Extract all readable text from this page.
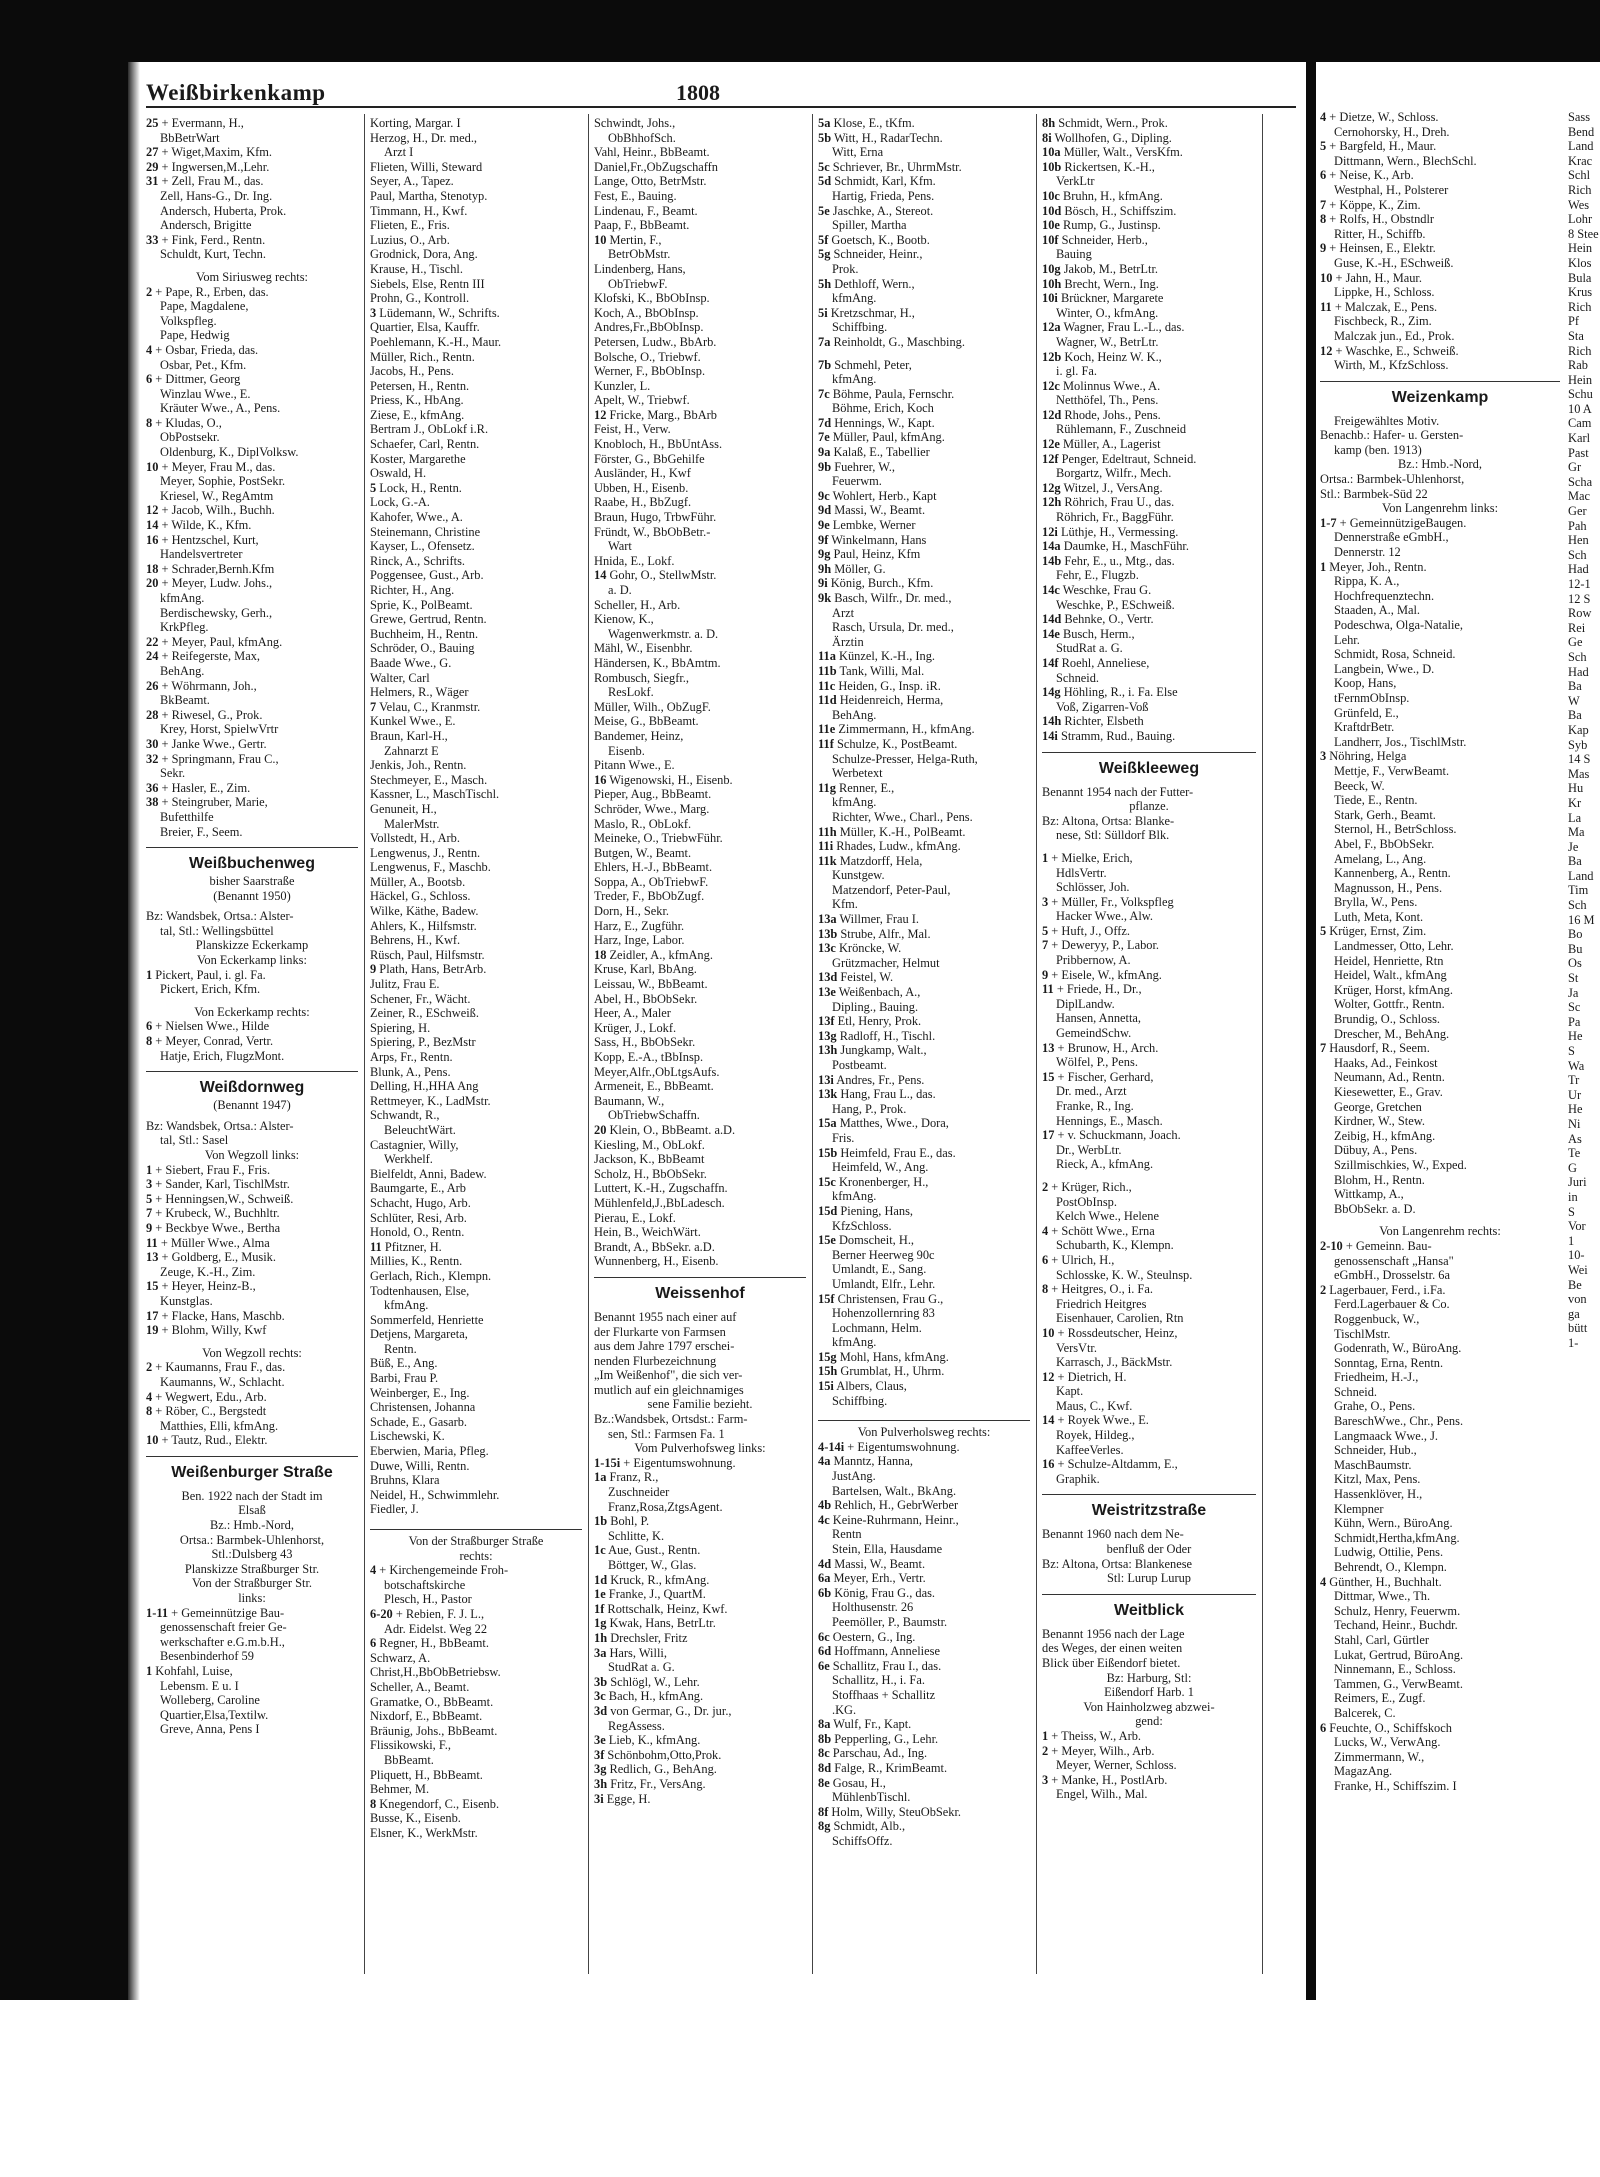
Weißbirkenkamp	1808
25 + Evermann, H.,
BbBetrWart
27 + Wiget,Maxim, Kfm.
29 + Ingwersen,M.,Lehr.
31 + Zell, Frau M., das.
Zell, Hans-G., Dr. Ing.
Andersch, Huberta, Prok.
Andersch, Brigitte
33 + Fink, Ferd., Rentn.
Schuldt, Kurt, Techn.
Vom Siriusweg rechts:
2 + Pape, R., Erben, das.
Pape, Magdalene,
Volkspfleg.
Pape, Hedwig
4 + Osbar, Frieda, das.
Osbar, Pet., Kfm.
6 + Dittmer, Georg
Winzlau Wwe., E.
Kräuter Wwe., A., Pens.
8 + Kludas, O.,
ObPostsekr.
Oldenburg, K., DiplVolksw.
10 + Meyer, Frau M., das.
Meyer, Sophie, PostSekr.
Kriesel, W., RegAmtm
12 + Jacob, Wilh., Buchh.
14 + Wilde, K., Kfm.
16 + Hentzschel, Kurt,
Handelsvertreter
18 + Schrader,Bernh.Kfm
20 + Meyer, Ludw. Johs.,
kfmAng.
Berdischewsky, Gerh.,
KrkPfleg.
22 + Meyer, Paul, kfmAng.
24 + Reifegerste, Max,
BehAng.
26 + Wöhrmann, Joh.,
BkBeamt.
28 + Riwesel, G., Prok.
Krey, Horst, SpielwVrtr
30 + Janke Wwe., Gertr.
32 + Springmann, Frau C.,
Sekr.
36 + Hasler, E., Zim.
38 + Steingruber, Marie,
Bufetthilfe
Breier, F., Seem.
Weißbuchenweg
bisher Saarstraße
(Benannt 1950)
Bz: Wandsbek, Ortsa.: Alster-
tal, Stl.: Wellingsbüttel
Planskizze Eckerkamp
Von Eckerkamp links:
1 Pickert, Paul, i. gl. Fa.
Pickert, Erich, Kfm.
Von Eckerkamp rechts:
6 + Nielsen Wwe., Hilde
8 + Meyer, Conrad, Vertr.
Hatje, Erich, FlugzMont.
Weißdornweg
(Benannt 1947)
Bz: Wandsbek, Ortsa.: Alster-
tal, Stl.: Sasel
Von Wegzoll links:
1 + Siebert, Frau F., Fris.
3 + Sander, Karl, TischlMstr.
5 + Henningsen,W., Schweiß.
7 + Krubeck, W., Buchhltr.
9 + Beckbye Wwe., Bertha
11 + Müller Wwe., Alma
13 + Goldberg, E., Musik.
Zeuge, K.-H., Zim.
15 + Heyer, Heinz-B.,
Kunstglas.
17 + Flacke, Hans, Maschb.
19 + Blohm, Willy, Kwf
Von Wegzoll rechts:
2 + Kaumanns, Frau F., das.
Kaumanns, W., Schlacht.
4 + Wegwert, Edu., Arb.
8 + Röber, C., Bergstedt
Matthies, Elli, kfmAng.
10 + Tautz, Rud., Elektr.
Weißenburger Straße
Ben. 1922 nach der Stadt im
Elsaß
Bz.: Hmb.-Nord,
Ortsa.: Barmbek-Uhlenhorst,
Stl.:Dulsberg 43
Planskizze Straßburger Str.
Von der Straßburger Str.
links:
1-11 + Gemeinnützige Bau-
genossenschaft freier Ge-
werkschafter e.G.m.b.H.,
Besenbinderhof 59
1 Kohfahl, Luise,
Lebensm. E u. I
Wolleberg, Caroline
Quartier,Elsa,Textilw.
Greve, Anna, Pens I
Korting, Margar. I
Herzog, H., Dr. med.,
Arzt I
Flieten, Willi, Steward
Seyer, A., Tapez.
Paul, Martha, Stenotyp.
Timmann, H., Kwf.
Flieten, E., Fris.
Luzius, O., Arb.
Grodnick, Dora, Ang.
Krause, H., Tischl.
Siebels, Else, Rentn III
Prohn, G., Kontroll.
3 Lüdemann, W., Schrifts.
Quartier, Elsa, Kauffr.
Poehlemann, K.-H., Maur.
Müller, Rich., Rentn.
Jacobs, H., Pens.
Petersen, H., Rentn.
Priess, K., HbAng.
Ziese, E., kfmAng.
Bertram J., ObLokf i.R.
Schaefer, Carl, Rentn.
Koster, Margarethe
Oswald, H.
5 Lock, H., Rentn.
Lock, G.-A.
Kahofer, Wwe., A.
Steinemann, Christine
Kayser, L., Ofensetz.
Rinck, A., Schrifts.
Poggensee, Gust., Arb.
Richter, H., Ang.
Sprie, K., PolBeamt.
Grewe, Gertrud, Rentn.
Buchheim, H., Rentn.
Schröder, O., Bauing
Baade Wwe., G.
Walter, Carl
Helmers, R., Wäger
7 Velau, C., Kranmstr.
Kunkel Wwe., E.
Braun, Karl-H.,
Zahnarzt E
Jenkis, Joh., Rentn.
Stechmeyer, E., Masch.
Kassner, L., MaschTischl.
Genuneit, H.,
MalerMstr.
Vollstedt, H., Arb.
Lengwenus, J., Rentn.
Lengwenus, F., Maschb.
Müller, A., Bootsb.
Häckel, G., Schloss.
Wilke, Käthe, Badew.
Ahlers, K., Hilfsmstr.
Behrens, H., Kwf.
Rüsch, Paul, Hilfsmstr.
9 Plath, Hans, BetrArb.
Julitz, Frau E.
Schener, Fr., Wächt.
Zeiner, R., ESchweiß.
Spiering, H.
Spiering, P., BezMstr
Arps, Fr., Rentn.
Blunk, A., Pens.
Delling, H.,HHA Ang
Rettmeyer, K., LadMstr.
Schwandt, R.,
BeleuchtWärt.
Castagnier, Willy,
Werkhelf.
Bielfeldt, Anni, Badew.
Baumgarte, E., Arb
Schacht, Hugo, Arb.
Schlüter, Resi, Arb.
Honold, O., Rentn.
11 Pfitzner, H.
Millies, K., Rentn.
Gerlach, Rich., Klempn.
Todtenhausen, Else,
kfmAng.
Sommerfeld, Henriette
Detjens, Margareta,
Rentn.
Büß, E., Ang.
Barbi, Frau P.
Weinberger, E., Ing.
Christensen, Johanna
Schade, E., Gasarb.
Lischewski, K.
Eberwien, Maria, Pfleg.
Duwe, Willi, Rentn.
Bruhns, Klara
Neidel, H., Schwimmlehr.
Fiedler, J.
Von der Straßburger Straße
rechts:
4 + Kirchengemeinde Froh-
botschaftskirche
Plesch, H., Pastor
6-20 + Rebien, F. J. L.,
Adr. Eidelst. Weg 22
6 Regner, H., BbBeamt.
Schwarz, A.
Christ,H.,BbObBetriebsw.
Scheller, A., Beamt.
Gramatke, O., BbBeamt.
Nixdorf, E., BbBeamt.
Bräunig, Johs., BbBeamt.
Flissikowski, F.,
BbBeamt.
Pliquett, H., BbBeamt.
Behmer, M.
8 Knegendorf, C., Eisenb.
Busse, K., Eisenb.
Elsner, K., WerkMstr.
Schwindt, Johs.,
ObBhhofSch.
Vahl, Heinr., BbBeamt.
Daniel,Fr.,ObZugschaffn
Lange, Otto, BetrMstr.
Fest, E., Bauing.
Lindenau, F., Beamt.
Paap, F., BbBeamt.
10 Mertin, F.,
BetrObMstr.
Lindenberg, Hans,
ObTriebwF.
Klofski, K., BbObInsp.
Koch, A., BbObInsp.
Andres,Fr.,BbObInsp.
Petersen, Ludw., BbArb.
Bolsche, O., Triebwf.
Werner, F., BbObInsp.
Kunzler, L.
Apelt, W., Triebwf.
12 Fricke, Marg., BbArb
Feist, H., Verw.
Knobloch, H., BbUntAss.
Förster, G., BbGehilfe
Ausländer, H., Kwf
Ubben, H., Eisenb.
Raabe, H., BbZugf.
Braun, Hugo, TrbwFühr.
Fründt, W., BbObBetr.-
Wart
Hnida, E., Lokf.
14 Gohr, O., StellwMstr.
a. D.
Scheller, H., Arb.
Kienow, K.,
Wagenwerkmstr. a. D.
Mähl, W., Eisenbhr.
Händersen, K., BbAmtm.
Rombusch, Siegfr.,
ResLokf.
Müller, Wilh., ObZugF.
Meise, G., BbBeamt.
Bandemer, Heinz,
Eisenb.
Pitann Wwe., E.
16 Wigenowski, H., Eisenb.
Pieper, Aug., BbBeamt.
Schröder, Wwe., Marg.
Maslo, R., ObLokf.
Meineke, O., TriebwFühr.
Butgen, W., Beamt.
Ehlers, H.-J., BbBeamt.
Soppa, A., ObTriebwF.
Treder, F., BbObZugf.
Dorn, H., Sekr.
Harz, E., Zugführ.
Harz, Inge, Labor.
18 Zeidler, A., kfmAng.
Kruse, Karl, BbAng.
Leissau, W., BbBeamt.
Abel, H., BbObSekr.
Heer, A., Maler
Krüger, J., Lokf.
Sass, H., BbObSekr.
Kopp, E.-A., tBbInsp.
Meyer,Alfr.,ObLtgsAufs.
Armeneit, E., BbBeamt.
Baumann, W.,
ObTriebwSchaffn.
20 Klein, O., BbBeamt. a.D.
Kiesling, M., ObLokf.
Jackson, K., BbBeamt
Scholz, H., BbObSekr.
Luttert, K.-H., Zugschaffn.
Mühlenfeld,J.,BbLadesch.
Pierau, E., Lokf.
Hein, B., WeichWärt.
Brandt, A., BbSekr. a.D.
Wunnenberg, H., Eisenb.
Weissenhof
Benannt 1955 nach einer auf
der Flurkarte von Farmsen
aus dem Jahre 1797 erschei-
nenden Flurbezeichnung
„Im Weißenhof", die sich ver-
mutlich auf ein gleichnamiges
sene Familie bezieht.
Bz.:Wandsbek, Ortsdst.: Farm-
sen, Stl.: Farmsen Fa. 1
Vom Pulverhofsweg links:
1-15i + Eigentumswohnung.
1a Franz, R.,
Zuschneider
Franz,Rosa,ZtgsAgent.
1b Bohl, P.
Schlitte, K.
1c Aue, Gust., Rentn.
Böttger, W., Glas.
1d Kruck, R., kfmAng.
1e Franke, J., QuartM.
1f Rottschalk, Heinz, Kwf.
1g Kwak, Hans, BetrLtr.
1h Drechsler, Fritz
3a Hars, Willi,
StudRat a. G.
3b Schlögl, W., Lehr.
3c Bach, H., kfmAng.
3d von Germar, G., Dr. jur.,
RegAssess.
3e Lieb, K., kfmAng.
3f Schönbohm,Otto,Prok.
3g Redlich, G., BehAng.
3h Fritz, Fr., VersAng.
3i Egge, H.
5a Klose, E., tKfm.
5b Witt, H., RadarTechn.
Witt, Erna
5c Schriever, Br., UhrmMstr.
5d Schmidt, Karl, Kfm.
Hartig, Frieda, Pens.
5e Jaschke, A., Stereot.
Spiller, Martha
5f Goetsch, K., Bootb.
5g Schneider, Heinr.,
Prok.
5h Dethloff, Wern.,
kfmAng.
5i Kretzschmar, H.,
Schiffbing.
7a Reinholdt, G., Maschbing.
7b Schmehl, Peter,
kfmAng.
7c Böhme, Paula, Fernschr.
Böhme, Erich, Koch
7d Hennings, W., Kapt.
7e Müller, Paul, kfmAng.
9a Kalaß, E., Tabellier
9b Fuehrer, W.,
Feuerwm.
9c Wohlert, Herb., Kapt
9d Massi, W., Beamt.
9e Lembke, Werner
9f Winkelmann, Hans
9g Paul, Heinz, Kfm
9h Möller, G.
9i König, Burch., Kfm.
9k Basch, Wilfr., Dr. med.,
Arzt
Rasch, Ursula, Dr. med.,
Ärztin
11a Künzel, K.-H., Ing.
11b Tank, Willi, Mal.
11c Heiden, G., Insp. iR.
11d Heidenreich, Herma,
BehAng.
11e Zimmermann, H., kfmAng.
11f Schulze, K., PostBeamt.
Schulze-Presser, Helga-Ruth,
Werbetext
11g Renner, E.,
kfmAng.
Richter, Wwe., Charl., Pens.
11h Müller, K.-H., PolBeamt.
11i Rhades, Ludw., kfmAng.
11k Matzdorff, Hela,
Kunstgew.
Matzendorf, Peter-Paul,
Kfm.
13a Willmer, Frau I.
13b Strube, Alfr., Mal.
13c Kröncke, W.
Grützmacher, Helmut
13d Feistel, W.
13e Weißenbach, A.,
Dipling., Bauing.
13f Etl, Henry, Prok.
13g Radloff, H., Tischl.
13h Jungkamp, Walt.,
Postbeamt.
13i Andres, Fr., Pens.
13k Hang, Frau L., das.
Hang, P., Prok.
15a Matthes, Wwe., Dora,
Fris.
15b Heimfeld, Frau E., das.
Heimfeld, W., Ang.
15c Kronenberger, H.,
kfmAng.
15d Piening, Hans,
KfzSchloss.
15e Domscheit, H.,
Berner Heerweg 90c
Umlandt, E., Sang.
Umlandt, Elfr., Lehr.
15f Christensen, Frau G.,
Hohenzollernring 83
Lochmann, Helm.
kfmAng.
15g Mohl, Hans, kfmAng.
15h Grumblat, H., Uhrm.
15i Albers, Claus,
Schiffbing.
Von Pulverholsweg rechts:
4-14i + Eigentumswohnung.
4a Manntz, Hanna,
JustAng.
Bartelsen, Walt., BkAng.
4b Rehlich, H., GebrWerber
4c Keine-Ruhrmann, Heinr.,
Rentn
Stein, Ella, Hausdame
4d Massi, W., Beamt.
6a Meyer, Erh., Vertr.
6b König, Frau G., das.
Holthusenstr. 26
Peemöller, P., Baumstr.
6c Oestern, G., Ing.
6d Hoffmann, Anneliese
6e Schallitz, Frau I., das.
Schallitz, H., i. Fa.
Stoffhaas + Schallitz
.KG.
8a Wulf, Fr., Kapt.
8b Pepperling, G., Lehr.
8c Parschau, Ad., Ing.
8d Falge, R., KrimBeamt.
8e Gosau, H.,
MühlenbTischl.
8f Holm, Willy, SteuObSekr.
8g Schmidt, Alb.,
SchiffsOffz.
8h Schmidt, Wern., Prok.
8i Wollhofen, G., Dipling.
10a Müller, Walt., VersKfm.
10b Rickertsen, K.-H.,
VerkLtr
10c Bruhn, H., kfmAng.
10d Bösch, H., Schiffszim.
10e Rump, G., Justinsp.
10f Schneider, Herb.,
Bauing
10g Jakob, M., BetrLtr.
10h Brecht, Wern., Ing.
10i Brückner, Margarete
Winter, O., kfmAng.
12a Wagner, Frau L.-L., das.
Wagner, W., BetrLtr.
12b Koch, Heinz W. K.,
i. gl. Fa.
12c Molinnus Wwe., A.
Netthöfel, Th., Pens.
12d Rhode, Johs., Pens.
Rühlemann, F., Zuschneid
12e Müller, A., Lagerist
12f Penger, Edeltraut, Schneid.
Borgartz, Wilfr., Mech.
12g Witzel, J., VersAng.
12h Röhrich, Frau U., das.
Röhrich, Fr., BaggFühr.
12i Lüthje, H., Vermessing.
14a Daumke, H., MaschFühr.
14b Fehr, E., u., Mtg., das.
Fehr, E., Flugzb.
14c Weschke, Frau G.
Weschke, P., ESchweiß.
14d Behnke, O., Vertr.
14e Busch, Herm.,
StudRat a. G.
14f Roehl, Anneliese,
Schneid.
14g Höhling, R., i. Fa. Else
Voß, Zigarren-Voß
14h Richter, Elsbeth
14i Stramm, Rud., Bauing.
Weißkleeweg
Benannt 1954 nach der Futter-
pflanze.
Bz: Altona, Ortsa: Blanke-
nese, Stl: Sülldorf Blk.
1 + Mielke, Erich,
HdlsVertr.
Schlösser, Joh.
3 + Müller, Fr., Volkspfleg
Hacker Wwe., Alw.
5 + Huft, J., Offz.
7 + Deweryy, P., Labor.
Pribbernow, A.
9 + Eisele, W., kfmAng.
11 + Friede, H., Dr.,
DiplLandw.
Hansen, Annetta,
GemeindSchw.
13 + Brunow, H., Arch.
Wölfel, P., Pens.
15 + Fischer, Gerhard,
Dr. med., Arzt
Franke, R., Ing.
Hennings, E., Masch.
17 + v. Schuckmann, Joach.
Dr., WerbLtr.
Rieck, A., kfmAng.
2 + Krüger, Rich.,
PostObInsp.
Kelch Wwe., Helene
4 + Schött Wwe., Erna
Schubarth, K., Klempn.
6 + Ulrich, H.,
Schlosske, K. W., Steulnsp.
8 + Heitgres, O., i. Fa.
Friedrich Heitgres
Eisenhauer, Carolien, Rtn
10 + Rossdeutscher, Heinz,
VersVtr.
Karrasch, J., BäckMstr.
12 + Dietrich, H.
Kapt.
Maus, C., Kwf.
14 + Royek Wwe., E.
Royek, Hildeg.,
KaffeeVerles.
16 + Schulze-Altdamm, E.,
Graphik.
Weistritzstraße
Benannt 1960 nach dem Ne-
benfluß der Oder
Bz: Altona, Ortsa: Blankenese
Stl: Lurup Lurup
Weitblick
Benannt 1956 nach der Lage
des Weges, der einen weiten
Blick über Eißendorf bietet.
Bz: Harburg, Stl:
Eißendorf Harb. 1
Von Hainholzweg abzwei-
gend:
1 + Theiss, W., Arb.
2 + Meyer, Wilh., Arb.
Meyer, Werner, Schloss.
3 + Manke, H., PostlArb.
Engel, Wilh., Mal.
4 + Dietze, W., Schloss.
Cernohorsky, H., Dreh.
5 + Bargfeld, H., Maur.
Dittmann, Wern., BlechSchl.
6 + Neise, K., Arb.
Westphal, H., Polsterer
7 + Köppe, K., Zim.
8 + Rolfs, H., Obstndlr
Ritter, H., Schiffb.
9 + Heinsen, E., Elektr.
Guse, K.-H., ESchweiß.
10 + Jahn, H., Maur.
Lippke, H., Schloss.
11 + Malczak, E., Pens.
Fischbeck, R., Zim.
Malczak jun., Ed., Prok.
12 + Waschke, E., Schweiß.
Wirth, M., KfzSchloss.
Weizenkamp
Freigewähltes Motiv.
Benachb.: Hafer- u. Gersten-
kamp (ben. 1913)
Bz.: Hmb.-Nord,
Ortsa.: Barmbek-Uhlenhorst,
Stl.: Barmbek-Süd 22
Von Langenrehm links:
1-7 + GemeinnützigeBaugen.
Dennerstraße eGmbH.,
Dennerstr. 12
1 Meyer, Joh., Rentn.
Rippa, K. A.,
Hochfrequenztechn.
Staaden, A., Mal.
Podeschwa, Olga-Natalie,
Lehr.
Schmidt, Rosa, Schneid.
Langbein, Wwe., D.
Koop, Hans,
tFernmObInsp.
Grünfeld, E.,
KraftdrBetr.
Landherr, Jos., TischlMstr.
3 Nöhring, Helga
Mettje, F., VerwBeamt.
Beeck, W.
Tiede, E., Rentn.
Stark, Gerh., Beamt.
Sternol, H., BetrSchloss.
Abel, F., BbObSekr.
Amelang, L., Ang.
Kannenberg, A., Rentn.
Magnusson, H., Pens.
Brylla, W., Pens.
Luth, Meta, Kont.
5 Krüger, Ernst, Zim.
Landmesser, Otto, Lehr.
Heidel, Henriette, Rtn
Heidel, Walt., kfmAng
Krüger, Horst, kfmAng.
Wolter, Gottfr., Rentn.
Brundig, O., Schloss.
Drescher, M., BehAng.
7 Hausdorf, R., Seem.
Haaks, Ad., Feinkost
Neumann, Ad., Rentn.
Kiesewetter, E., Grav.
George, Gretchen
Kirdner, W., Stew.
Zeibig, H., kfmAng.
Dübuy, A., Pens.
Szillmischkies, W., Exped.
Blohm, H., Rentn.
Wittkamp, A.,
BbObSekr. a. D.
Von Langenrehm rechts:
2-10 + Gemeinn. Bau-
genossenschaft „Hansa"
eGmbH., Drosselstr. 6a
2 Lagerbauer, Ferd., i.Fa.
Ferd.Lagerbauer & Co.
Roggenbuck, W.,
TischlMstr.
Godenrath, W., BüroAng.
Sonntag, Erna, Rentn.
Friedheim, H.-J.,
Schneid.
Grahe, O., Pens.
BareschWwe., Chr., Pens.
Langmaack Wwe., J.
Schneider, Hub.,
MaschBaumstr.
Kitzl, Max, Pens.
Hassenklöver, H.,
Klempner
Kühn, Wern., BüroAng.
Schmidt,Hertha,kfmAng.
Ludwig, Ottilie, Pens.
Behrendt, O., Klempn.
4 Günther, H., Buchhalt.
Dittmar, Wwe., Th.
Schulz, Henry, Feuerwm.
Techand, Heinr., Buchdr.
Stahl, Carl, Gürtler
Lukat, Gertrud, BüroAng.
Ninnemann, E., Schloss.
Tammen, G., VerwBeamt.
Reimers, E., Zugf.
Balcerek, C.
6 Feuchte, O., Schiffskoch
Lucks, W., VerwAng.
Zimmermann, W.,
MagazAng.
Franke, H., Schiffszim. I
Sass
Bend
Land
Krac
Schl
Rich
Wes
Lohr
8 Stee
Hein
Klos
Bula
Krus
Rich
Pf
Sta
Rich
Rab
Hein
Schu
10 A
Cam
Karl
Past
Gr
Scha
Mac
Ger
Pah
Hen
Sch
Had
12-1
12 S
Row
Rei
Ge
Sch
Had
Ba
W
Ba
Kap
Syb
14 S
Mas
Hu
Kr
La
Ma
Je
Ba
Land
Tim
Sch
16 M
Bo
Bu
Os
St
Ja
Sc
Pa
He
S
Wa
Tr
Ur
He
Ni
As
Te
G
Juri
in
S
Vor
1
10-
Wei
Be
von
ga
bütt
1-
